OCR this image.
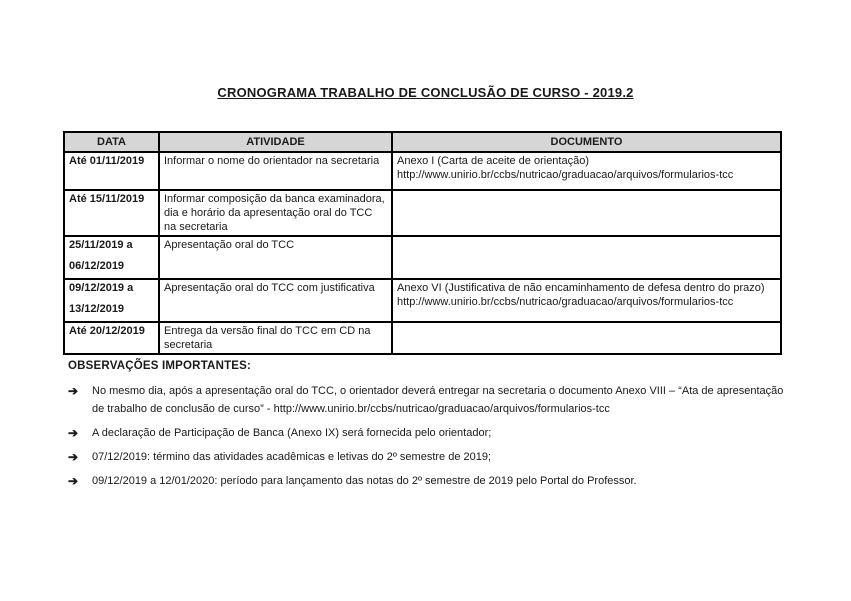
CRONOGRAMA TRABALHO DE CONCLUSÃO DE CURSO - 2019.2
DATA	ATIVIDADE	DOCUMENTO

Até 01/11/2019	Informar o nome do orientador na secretaria	Anexo I (Carta de aceite de orientação)
http://www.unirio.br/ccbs/nutricao/graduacao/arquivos/formularios-tcc

Até 15/11/2019	Informar composição da banca examinadora, dia e horário da apresentação oral do TCC na secretaria	

25/11/2019 a
06/12/2019	Apresentação oral do TCC	

09/12/2019 a
13/12/2019	Apresentação oral do TCC com justificativa	Anexo VI (Justificativa de não encaminhamento de defesa dentro do prazo)
http://www.unirio.br/ccbs/nutricao/graduacao/arquivos/formularios-tcc

Até 20/12/2019	Entrega da versão final do TCC em CD na secretaria	

OBSERVAÇÕES IMPORTANTES:

➔	No mesmo dia, após a apresentação oral do TCC, o orientador deverá entregar na secretaria o documento Anexo VIII – “Ata de apresentação de trabalho de conclusão de curso” - http://www.unirio.br/ccbs/nutricao/graduacao/arquivos/formularios-tcc
➔	A declaração de Participação de Banca (Anexo IX) será fornecida pelo orientador;
➔	07/12/2019: término das atividades acadêmicas e letivas do 2º semestre de 2019;
➔	09/12/2019 a 12/01/2020: período para lançamento das notas do 2º semestre de 2019 pelo Portal do Professor.
